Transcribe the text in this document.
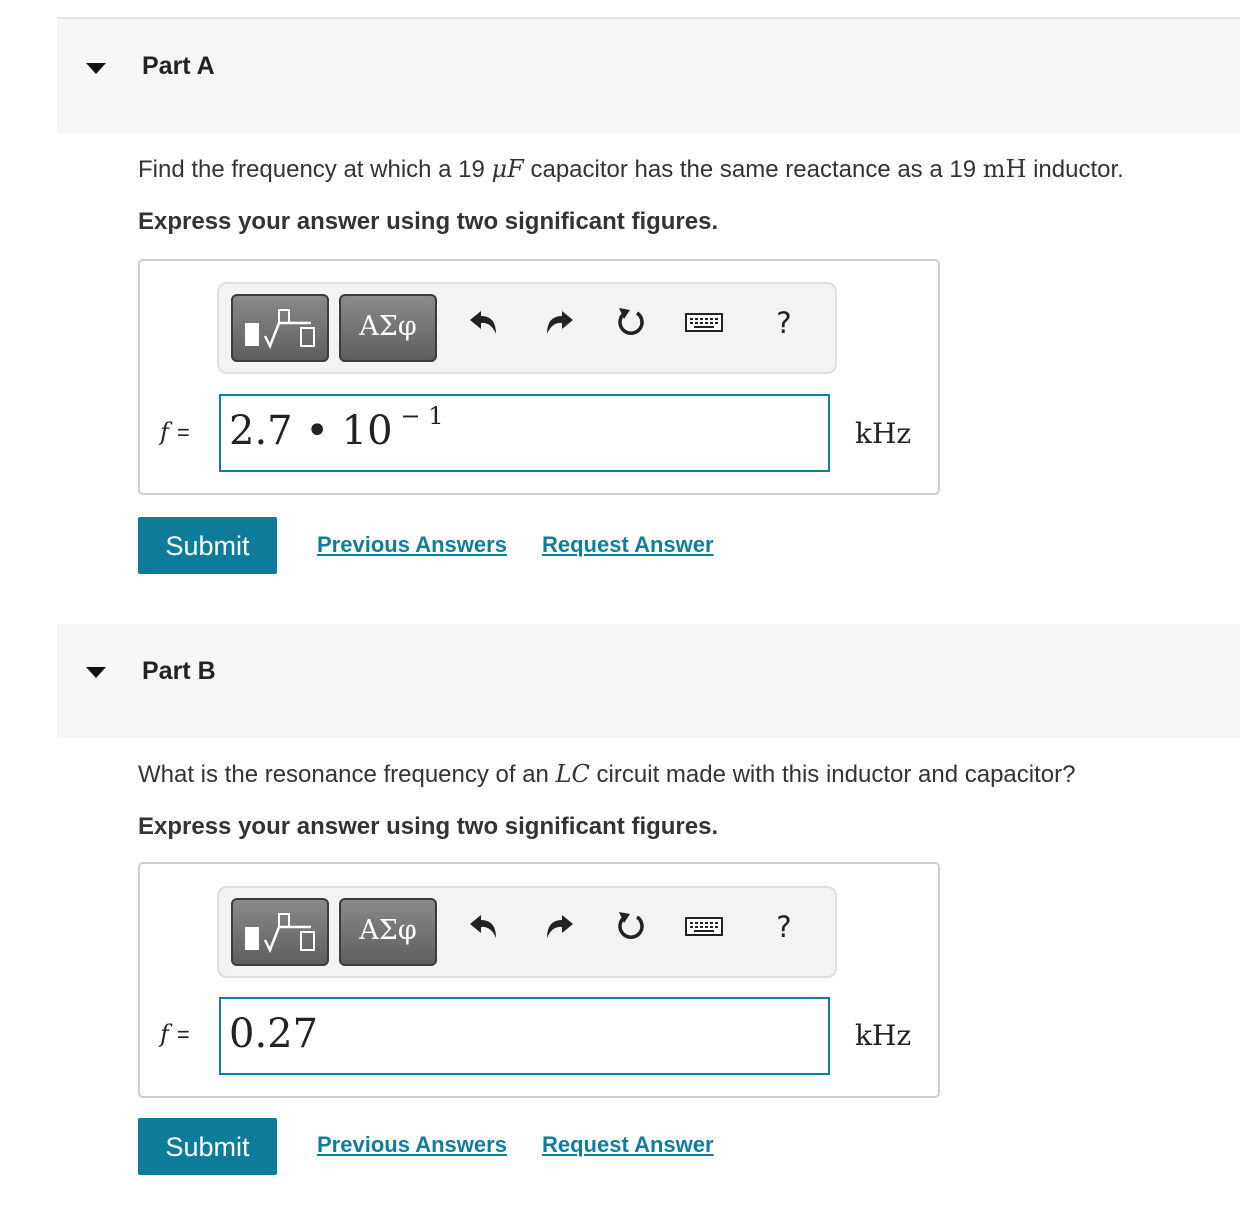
Part A
Find the frequency at which a 19 μF capacitor has the same reactance as a 19 mH inductor.
Express your answer using two significant figures.
ΑΣφ	?
f = 2.7 • 10 $^{- 1}$
kHz
Submit	Previous Answers Request Answer
Part B
What is the resonance frequency of an LC circuit made with this inductor and capacitor?
Express your answer using two significant figures.
ΑΣφ	?
f = 0.27	kHz
Submit	Previous Answers Request Answer
